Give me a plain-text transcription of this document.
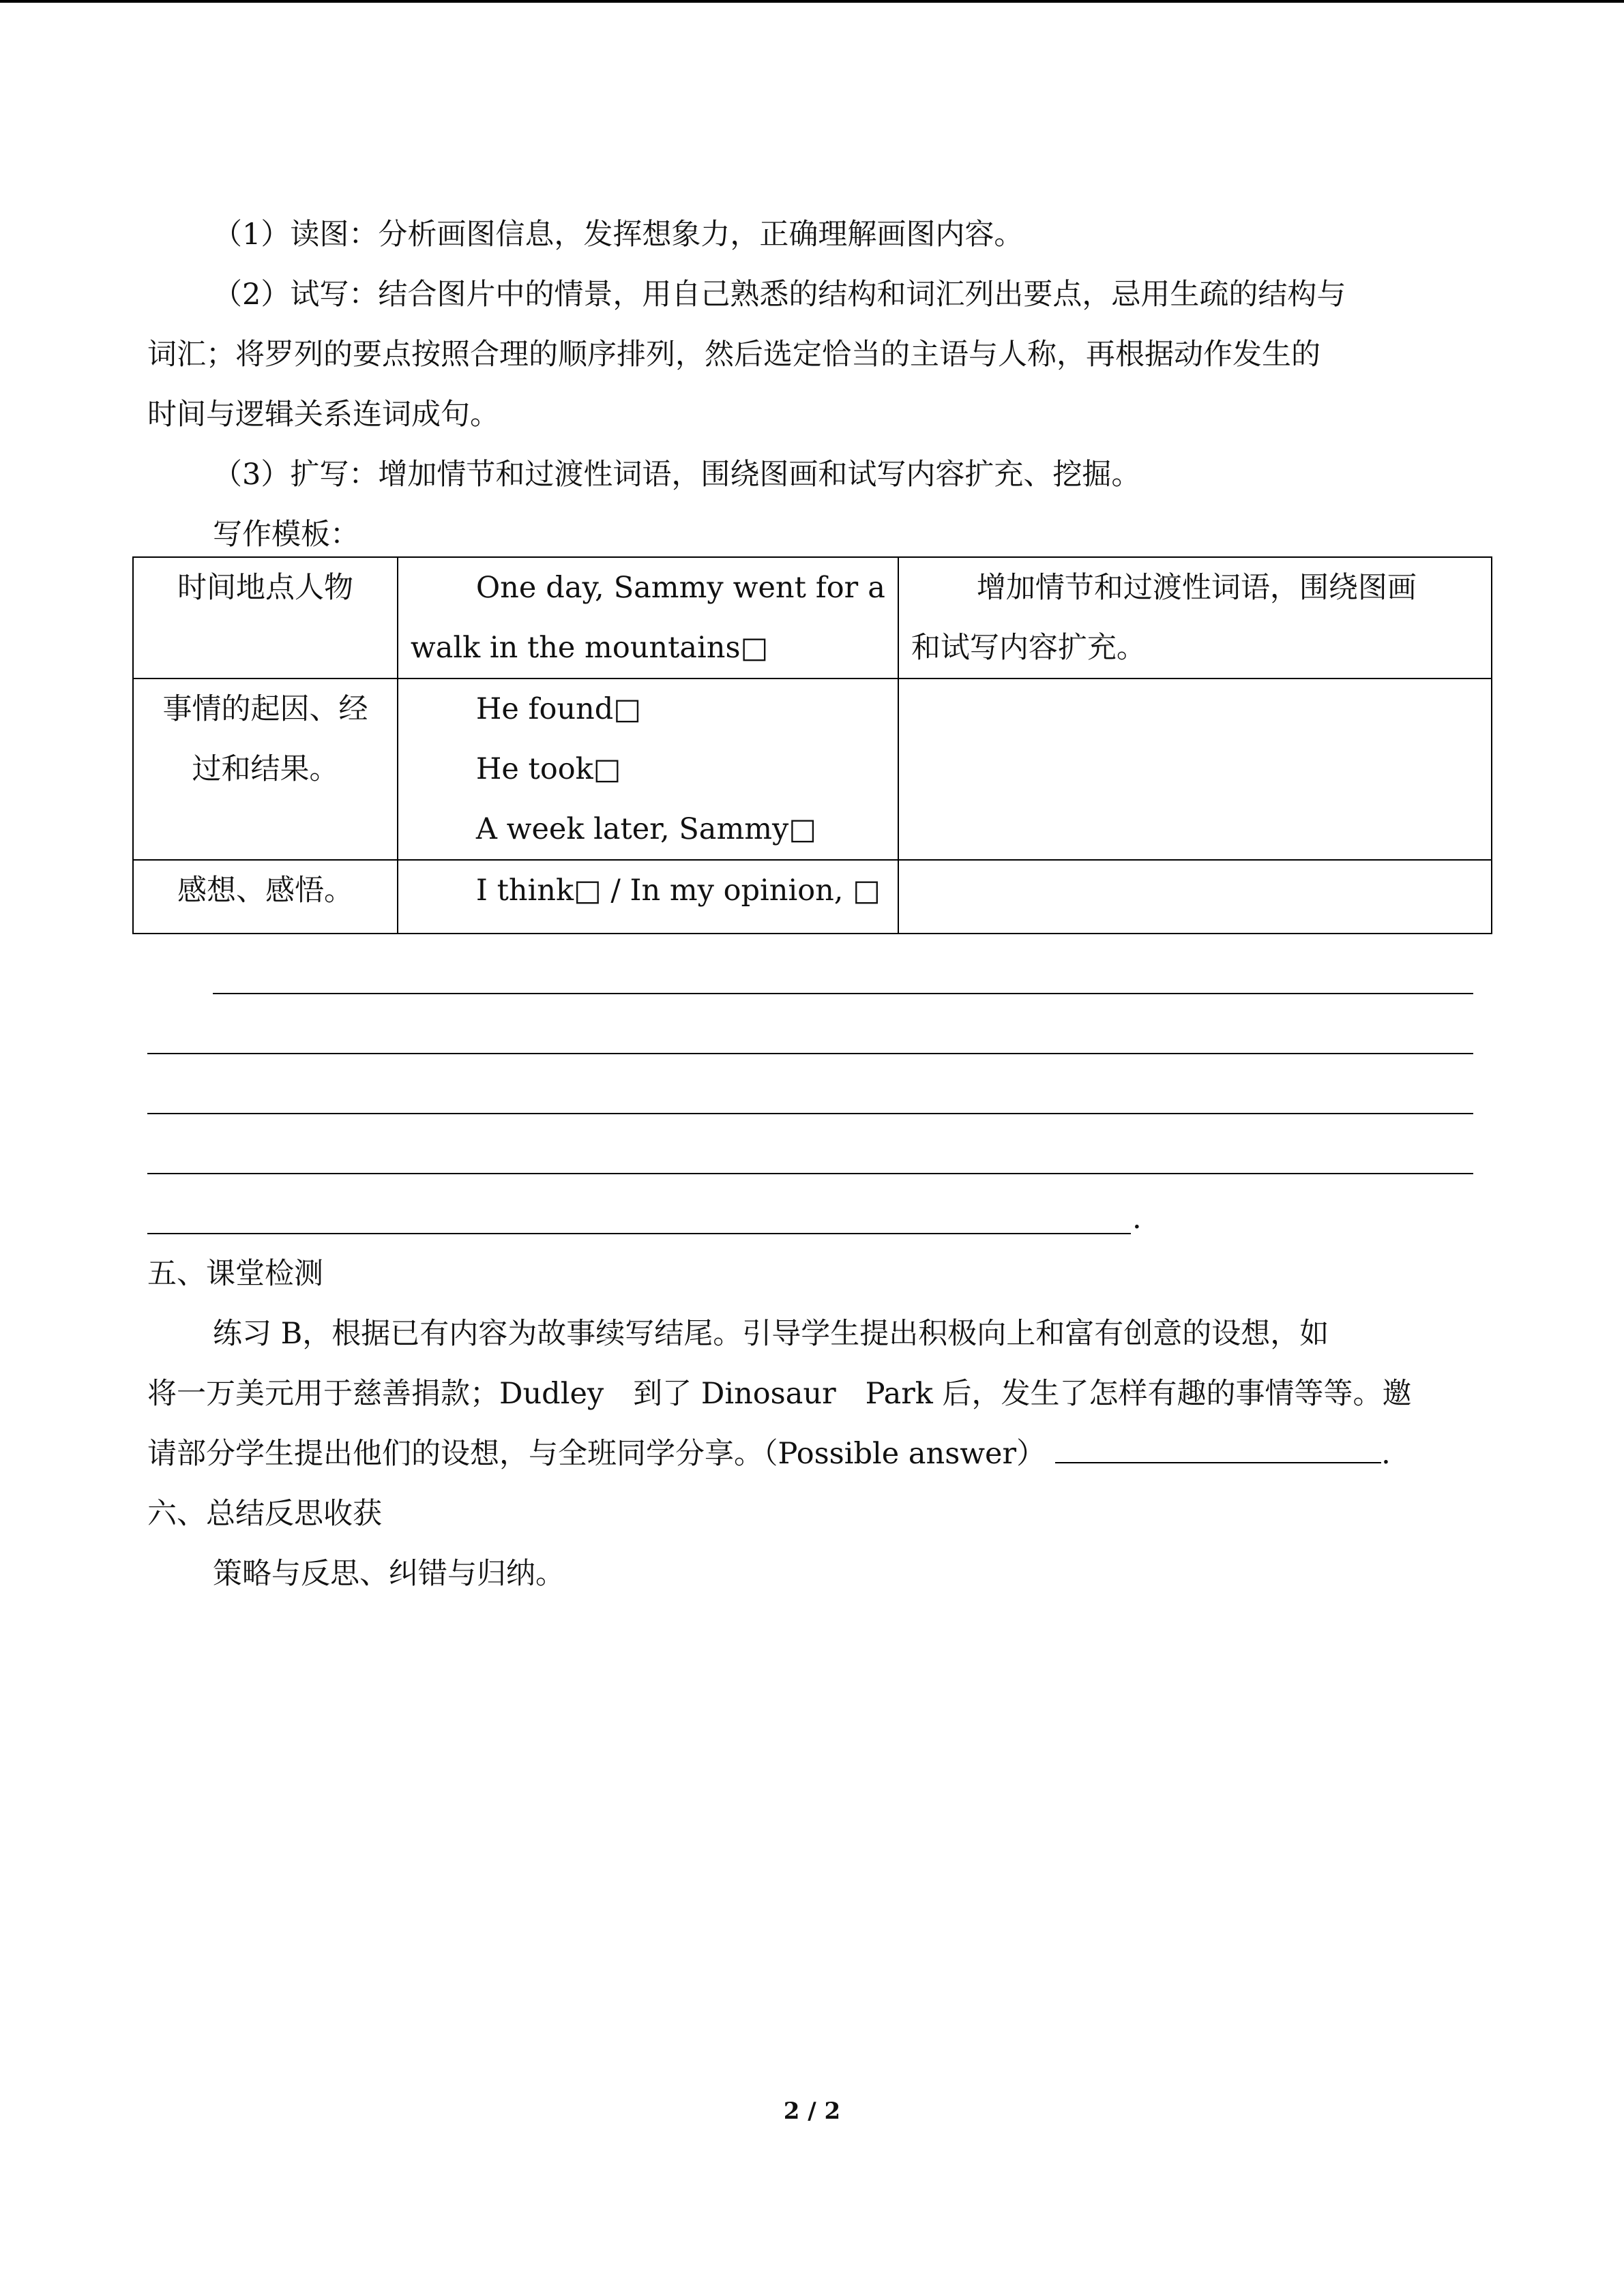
（1）读图：分析画图信息，发挥想象力，正确理解画图内容。

（2）试写：结合图片中的情景，用自己熟悉的结构和词汇列出要点，忌用生疏的结构与

词汇；将罗列的要点按照合理的顺序排列，然后选定恰当的主语与人称，再根据动作发生的

时间与逻辑关系连词成句。

（3）扩写：增加情节和过渡性词语，围绕图画和试写内容扩充、挖掘。

写作模板：

时间地点人物	One day, Sammy went for a
walk in the mountains□	增加情节和过渡性词语，围绕图画
和试写内容扩充。

事情的起因、经
过和结果。	He found□
He took□
A week later, Sammy□	

感想、感悟。	I think□ / In my opinion, □	

.

五、课堂检测

练习 B，根据已有内容为故事续写结尾。引导学生提出积极向上和富有创意的设想，如

将一万美元用于慈善捐款；Dudley　到了 Dinosaur　Park 后，发生了怎样有趣的事情等等。邀

请部分学生提出他们的设想，与全班同学分享。（Possible answer）	.

六、总结反思收获

策略与反思、纠错与归纳。

2 / 2
